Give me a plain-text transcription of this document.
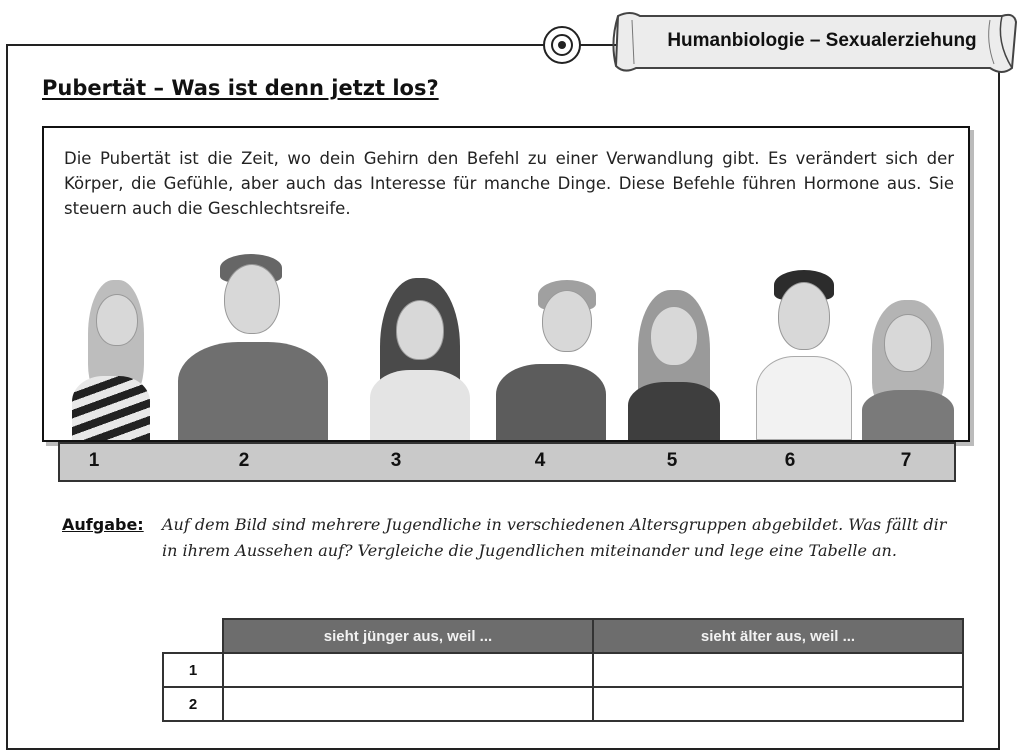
Humanbiologie – Sexualerziehung
Pubertät – Was ist denn jetzt los?
Die Pubertät ist die Zeit, wo dein Gehirn den Befehl zu einer Verwandlung gibt. Es verändert sich der Körper, die Gefühle, aber auch das Interesse für manche Dinge. Diese Befehle führen Hormone aus. Sie steuern auch die Geschlechtsreife.
1	2	3	4	5	6	7
Aufgabe: Auf dem Bild sind mehrere Jugendliche in verschiedenen Altersgruppen abgebildet. Was fällt dir in ihrem Aussehen auf? Vergleiche die Jugendlichen miteinander und lege eine Tabelle an.
	sieht jünger aus, weil ...	sieht älter aus, weil ...
1		
2		
